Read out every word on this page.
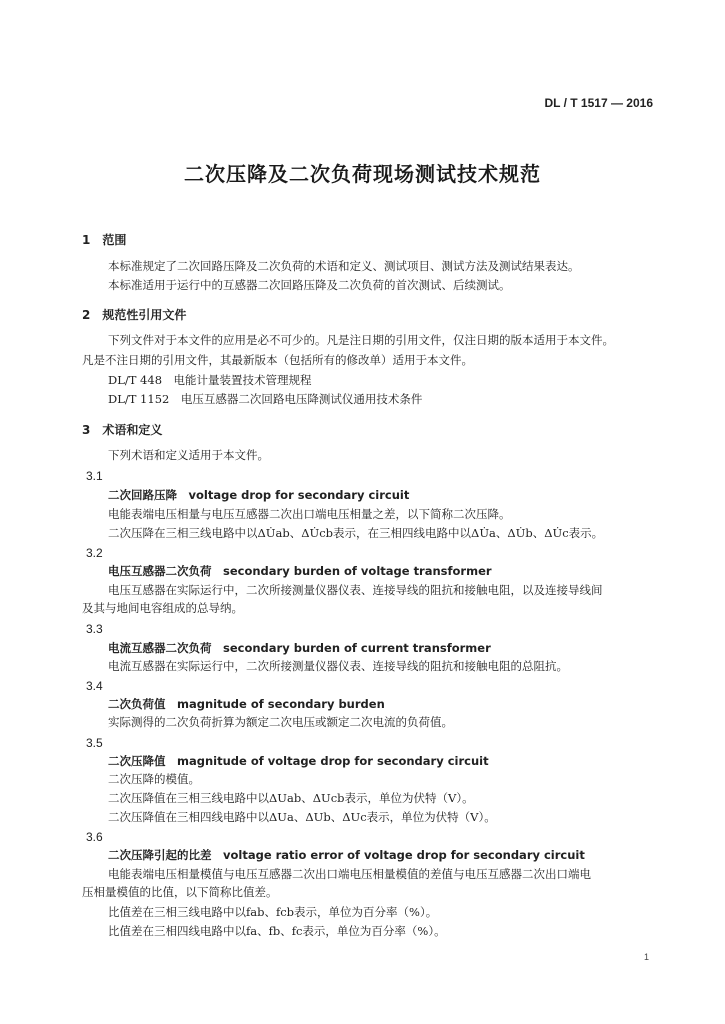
DL / T 1517 — 2016
二次压降及二次负荷现场测试技术规范
1　范围
本标准规定了二次回路压降及二次负荷的术语和定义、测试项目、测试方法及测试结果表达。
本标准适用于运行中的互感器二次回路压降及二次负荷的首次测试、后续测试。
2　规范性引用文件
下列文件对于本文件的应用是必不可少的。凡是注日期的引用文件，仅注日期的版本适用于本文件。
凡是不注日期的引用文件，其最新版本（包括所有的修改单）适用于本文件。
DL/T 448　电能计量装置技术管理规程
DL/T 1152　电压互感器二次回路电压降测试仪通用技术条件
3　术语和定义
下列术语和定义适用于本文件。
3.1
二次回路压降　voltage drop for secondary circuit
电能表端电压相量与电压互感器二次出口端电压相量之差，以下简称二次压降。
二次压降在三相三线电路中以ΔU̇ab、ΔU̇cb表示，在三相四线电路中以ΔU̇a、ΔU̇b、ΔU̇c表示。
3.2
电压互感器二次负荷　secondary burden of voltage transformer
电压互感器在实际运行中，二次所接测量仪器仪表、连接导线的阻抗和接触电阻，以及连接导线间
及其与地间电容组成的总导纳。
3.3
电流互感器二次负荷　secondary burden of current transformer
电流互感器在实际运行中，二次所接测量仪器仪表、连接导线的阻抗和接触电阻的总阻抗。
3.4
二次负荷值　magnitude of secondary burden
实际测得的二次负荷折算为额定二次电压或额定二次电流的负荷值。
3.5
二次压降值　magnitude of voltage drop for secondary circuit
二次压降的模值。
二次压降值在三相三线电路中以ΔUab、ΔUcb表示，单位为伏特（V）。
二次压降值在三相四线电路中以ΔUa、ΔUb、ΔUc表示，单位为伏特（V）。
3.6
二次压降引起的比差　voltage ratio error of voltage drop for secondary circuit
电能表端电压相量模值与电压互感器二次出口端电压相量模值的差值与电压互感器二次出口端电
压相量模值的比值，以下简称比值差。
比值差在三相三线电路中以fab、fcb表示，单位为百分率（%）。
比值差在三相四线电路中以fa、fb、fc表示，单位为百分率（%）。
1
